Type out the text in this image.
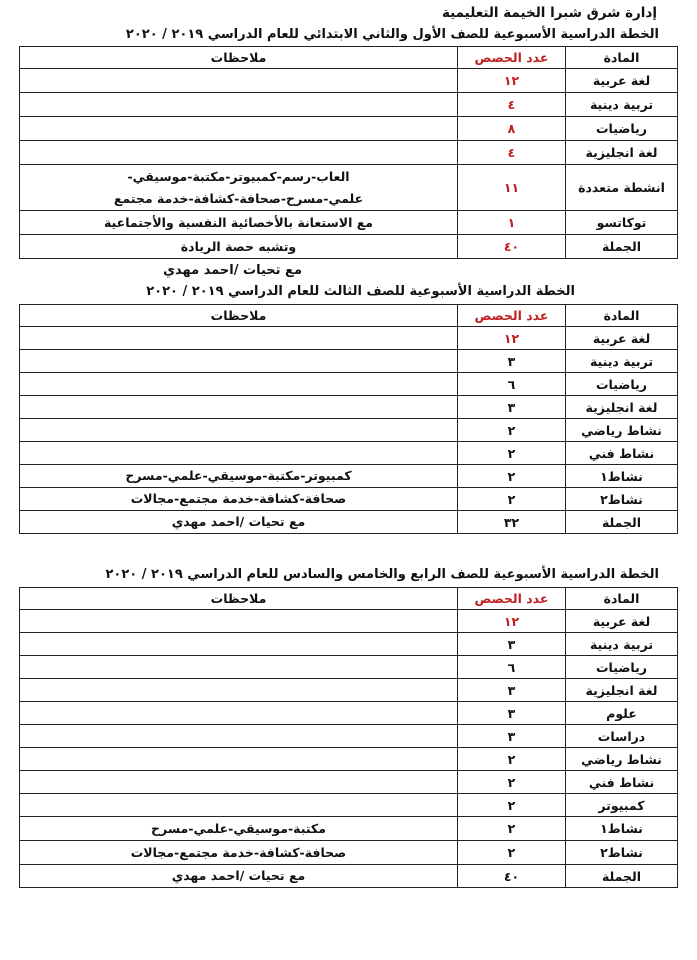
إدارة شرق شبرا الخيمة التعليمية
الخطة الدراسية الأسبوعية للصف الأول والثاني الابتدائي للعام الدراسي ٢٠١٩ / ٢٠٢٠
المادة	عدد الحصص	ملاحظات
لغة عربية	١٢	
تربية دينية	٤	
رياضيات	٨	
لغة انجليزية	٤	
انشطة متعددة	١١	العاب-رسم-كمبيوتر-مكتبة-موسيقي-
علمي-مسرح-صحافة-كشافة-خدمة مجتمع

توكاتسو	١	مع الاستعانة بالأخصائية النفسية والأجتماعية
الجملة	٤٠	وتشبه حصة الريادة
مع تحيات /احمد مهدي
الخطة الدراسية الأسبوعية للصف الثالث للعام الدراسي ٢٠١٩ / ٢٠٢٠
المادة	عدد الحصص	ملاحظات
لغة عربية	١٢	
تربية دينية	٣	
رياضيات	٦	
لغة انجليزية	٣	
نشاط رياضي	٢	
نشاط فني	٢	
نشاط١	٢	كمبيوتر-مكتبة-موسيقي-علمي-مسرح
نشاط٢	٢	صحافة-كشافة-خدمة مجتمع-مجالات
الجملة	٣٢	مع تحيات /احمد مهدي
الخطة الدراسية الأسبوعية للصف الرابع والخامس والسادس للعام الدراسي ٢٠١٩ / ٢٠٢٠
المادة	عدد الحصص	ملاحظات
لغة عربية	١٢	
تربية دينية	٣	
رياضيات	٦	
لغة انجليزية	٣	
علوم	٣	
دراسات	٣	
نشاط رياضي	٢	
نشاط فني	٢	
كمبيوتر	٢	
نشاط١	٢	مكتبة-موسيقي-علمي-مسرح
نشاط٢	٢	صحافة-كشافة-خدمة مجتمع-مجالات
الجملة	٤٠	مع تحيات /احمد مهدي
